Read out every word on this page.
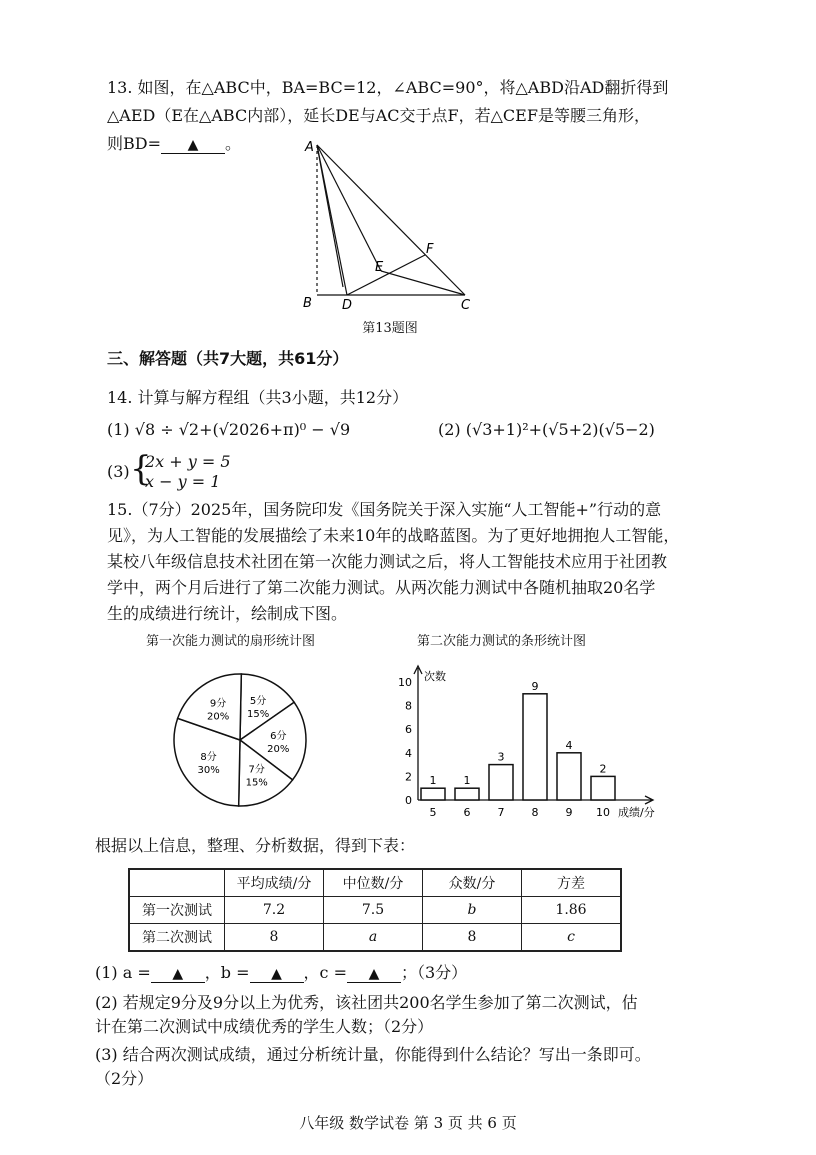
13. 如图，在△ABC中，BA=BC=12，∠ABC=90°，将△ABD沿AD翻折得到
△AED（E在△ABC内部），延长DE与AC交于点F，若△CEF是等腰三角形，
则BD= ▲ 。	A
B D	C
E
F
第13题图
三、解答题（共7大题，共61分）
14. 计算与解方程组（共3小题，共12分）
(1) √8 ÷ √2+(√2026+π)⁰ − √9	(2) (√3+1)²+(√5+2)(√5−2)
(3) {
2x + y = 5
x − y = 1
15.（7分）2025年，国务院印发《国务院关于深入实施“人工智能+”行动的意
见》，为人工智能的发展描绘了未来10年的战略蓝图。为了更好地拥抱人工智能，
某校八年级信息技术社团在第一次能力测试之后，将人工智能技术应用于社团教
学中，两个月后进行了第二次能力测试。从两次能力测试中各随机抽取20名学
生的成绩进行统计，绘制成下图。
第一次能力测试的扇形统计图	第二次能力测试的条形统计图
5分
15%
6分
20%
7分
15%
8分
30%
9分
20%
0
2
4
6
8
10 次数
1
5
1
6
3
7
9
8
4
9
2
10 成绩/分
根据以上信息，整理、分析数据，得到下表：
	平均成绩/分	中位数/分	众数/分	方差
第一次测试	7.2	7.5	b	1.86
第二次测试	8	a	8	c
(1) a = ▲ ，b = ▲ ，c = ▲ ；（3分）
(2) 若规定9分及9分以上为优秀，该社团共200名学生参加了第二次测试，估
计在第二次测试中成绩优秀的学生人数；（2分）
(3) 结合两次测试成绩，通过分析统计量，你能得到什么结论？写出一条即可。
（2分）
八年级 数学试卷 第 3 页 共 6 页
